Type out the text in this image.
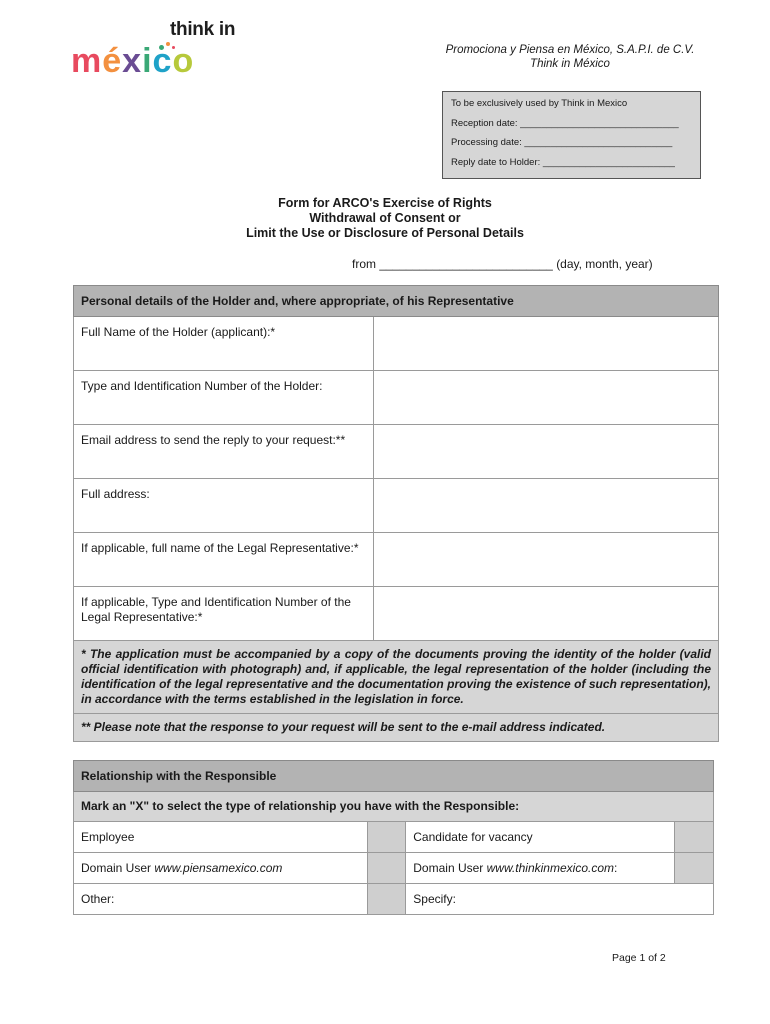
think in
méxico	Promociona y Piensa en México, S.A.P.I. de C.V.
Think in México
To be exclusively used by Think in Mexico
Reception date: ______________________________
Processing date: ____________________________
Reply date to Holder: _________________________
Form for ARCO's Exercise of Rights
Withdrawal of Consent or
Limit the Use or Disclosure of Personal Details
from __________________________ (day, month, year)
Personal details of the Holder and, where appropriate, of his Representative	
Full Name of the Holder (applicant):*	
Type and Identification Number of the Holder:	
Email address to send the reply to your request:**	
Full address:	
If applicable, full name of the Legal Representative:*	
If applicable, Type and Identification Number of the Legal Representative:*	
* The application must be accompanied by a copy of the documents proving the identity of the holder (valid official identification with photograph) and, if applicable, the legal representation of the holder (including the identification of the legal representative and the documentation proving the existence of such representation), in accordance with the terms established in the legislation in force.	
** Please note that the response to your request will be sent to the e-mail address indicated.	
Relationship with the Responsible			
Mark an "X" to select the type of relationship you have with the Responsible:			
Employee		Candidate for vacancy	
Domain User www.piensamexico.com		Domain User www.thinkinmexico.com:	
Other:		Specify:	
Page 1 of 2
